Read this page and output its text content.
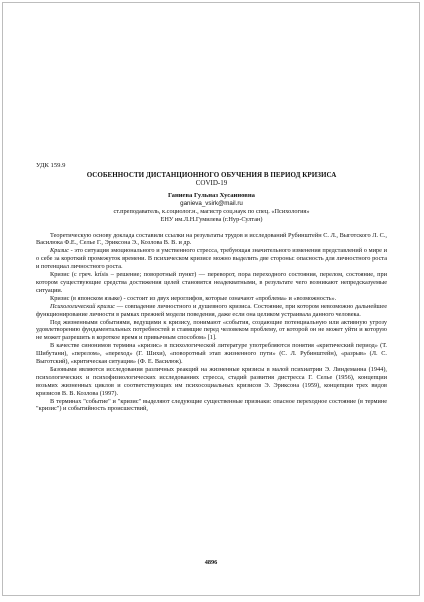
УДК 159.9
ОСОБЕННОСТИ ДИСТАНЦИОННОГО ОБУЧЕНИЯ В ПЕРИОД КРИЗИСА
COVID-19
Ганиева Гульназ Хусаиновна
ganieva_vsirk@mail.ru
ст.преподаватель, к.социолог.н., магистр соц.наук по спец. «Психология»
ЕНУ им.Л.Н.Гумилева (г.Нур-Султан)

Теоретическую основу доклада составили ссылки на результаты трудов и исследований Рубинштейн С. Л., Выготского Л. С., Василюка Ф.Е., Селье Г., Эриксона Э., Козлова В. В. и др.

Кризис - это ситуация эмоционального и умственного стресса, требующая значительного изменения представлений о мире и о себе за короткий промежуток времени. В психическом кризисе можно выделить две стороны: опасность для личностного роста и потенциал личностного роста.

Кризис (с греч. krísis – решение; поворотный пункт) — переворот, пора переходного состояния, перелом, состояние, при котором существующие средства достижения целей становятся неадекватными, в результате чего возникают непредсказуемые ситуации.

Кризис (в японском языке) - состоит из двух иероглифов, которые означают «проблема» и «возможность».

Психологический кризис — совпадение личностного и душевного кризиса. Состояние, при котором невозможно дальнейшее функционирование личности в рамках прежней модели поведения, даже если она целиком устраивала данного человека.

Под жизненными событиями, ведущими к кризису, понимают «события, создающие потенциальную или активную угрозу удовлетворению фундаментальных потребностей и ставящие перед человеком проблему, от которой он не может уйти и которую не может разрешить в короткое время и привычным способом» [1].

В качестве синонимов термина «кризис» в психологической литературе употребляются понятия «критический период» (Т. Шибутани), «перелом», «переход» (Г. Шихи), «поворотный этап жизненного пути» (С. Л. Рубинштейн), «разрыв» (Л. С. Выготский), «критическая ситуация» (Ф. Е. Василюк).

Базовыми являются исследования различных реакций на жизненные кризисы в малой психиатрии Э. Линдеманна (1944), психологических и психофизиологических исследованиях стресса, стадий развития дистресса Г. Селье (1956), концепции возьмих жизненных циклов и соответствующих им психосоциальных кризисов Э. Эриксона (1959), концепции трех видов кризисов В. В. Козлова (1997).

В терминах "событие" и "кризис" выделяют следующие существенные признаки: опасное переходное состояние (в термине "кризис") и событийность происшествий,

4896
